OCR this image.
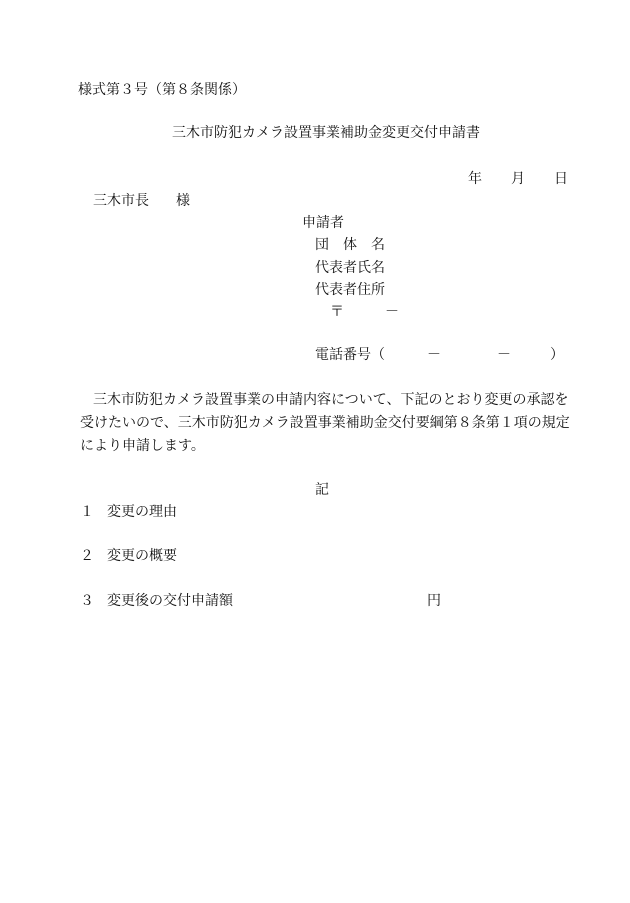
様式第３号（第８条関係）
三木市防犯カメラ設置事業補助金変更交付申請書
年 月 日
三木市長 様
申請者
団　体　名
代表者氏名
代表者住所
〒	－
電話番号（	－	－	）
三木市防犯カメラ設置事業の申請内容について、下記のとおり変更の承認を
受けたいので、三木市防犯カメラ設置事業補助金交付要綱第８条第１項の規定
により申請します。
記
１ 変更の理由
２ 変更の概要
３ 変更後の交付申請額	円
